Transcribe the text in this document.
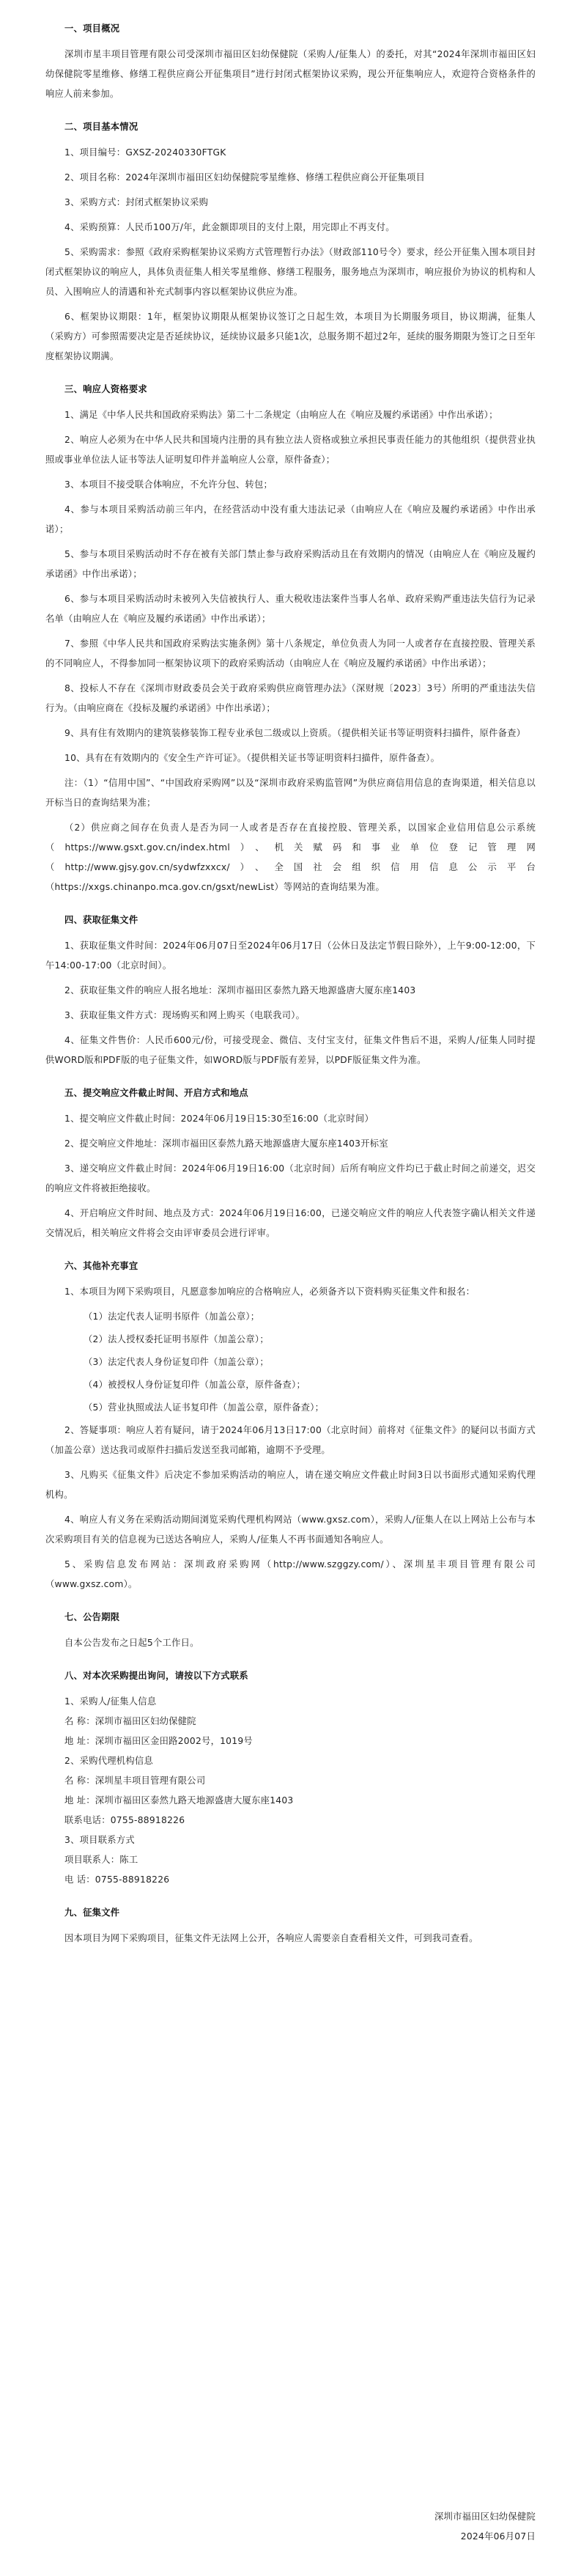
一、项目概况

深圳市星丰项目管理有限公司受深圳市福田区妇幼保健院（采购人/征集人）的委托，对其“2024年深圳市福田区妇幼保健院零星维修、修缮工程供应商公开征集项目”进行封闭式框架协议采购，现公开征集响应人，欢迎符合资格条件的响应人前来参加。

二、项目基本情况

1、项目编号：GXSZ-20240330FTGK

2、项目名称：2024年深圳市福田区妇幼保健院零星维修、修缮工程供应商公开征集项目

3、采购方式：封闭式框架协议采购

4、采购预算：人民币100万/年，此金额即项目的支付上限，用完即止不再支付。

5、采购需求：参照《政府采购框架协议采购方式管理暂行办法》（财政部110号令）要求，经公开征集入围本项目封闭式框架协议的响应人，具体负责征集人相关零星维修、修缮工程服务，服务地点为深圳市，响应报价为协议的机构和人员、入围响应人的清遇和补充式制事内容以框架协议供应为准。

6、框架协议期限：1年，框架协议期限从框架协议签订之日起生效，本项目为长期服务项目，协议期满，征集人（采购方）可参照需要决定是否延续协议，延续协议最多只能1次，总服务期不超过2年，延续的服务期限为签订之日至年度框架协议期满。

三、响应人资格要求

1、满足《中华人民共和国政府采购法》第二十二条规定（由响应人在《响应及履约承诺函》中作出承诺）；

2、响应人必须为在中华人民共和国境内注册的具有独立法人资格或独立承担民事责任能力的其他组织（提供营业执照或事业单位法人证书等法人证明复印件并盖响应人公章，原件备查）；

3、本项目不接受联合体响应，不允许分包、转包；

4、参与本项目采购活动前三年内，在经营活动中没有重大违法记录（由响应人在《响应及履约承诺函》中作出承诺）；

5、参与本项目采购活动时不存在被有关部门禁止参与政府采购活动且在有效期内的情况（由响应人在《响应及履约承诺函》中作出承诺）；

6、参与本项目采购活动时未被列入失信被执行人、重大税收违法案件当事人名单、政府采购严重违法失信行为记录名单（由响应人在《响应及履约承诺函》中作出承诺）；

7、参照《中华人民共和国政府采购法实施条例》第十八条规定，单位负责人为同一人或者存在直接控股、管理关系的不同响应人，不得参加同一框架协议项下的政府采购活动（由响应人在《响应及履约承诺函》中作出承诺）；

8、投标人不存在《深圳市财政委员会关于政府采购供应商管理办法》（深财规〔2023〕3号）所明的严重违法失信行为。（由响应商在《投标及履约承诺函》中作出承诺）；

9、具有住有效期内的建筑装修装饰工程专业承包二级或以上资质。（提供相关证书等证明资料扫描件，原件备查）

10、具有在有效期内的《安全生产许可证》。（提供相关证书等证明资料扫描件，原件备查）。

注：（1）“信用中国”、“中国政府采购网”以及“深圳市政府采购监管网”为供应商信用信息的查询渠道，相关信息以开标当日的查询结果为准；

（2）供应商之间存在负责人是否为同一人或者是否存在直接控股、管理关系，以国家企业信用信息公示系统（https://www.gsxt.gov.cn/index.html）、机关赋码和事业单位登记管理网（http://www.gjsy.gov.cn/sydwfzxxcx/）、全国社会组织信用信息公示平台（https://xxgs.chinanpo.mca.gov.cn/gsxt/newList）等网站的查询结果为准。

四、获取征集文件

1、获取征集文件时间：2024年06月07日至2024年06月17日（公休日及法定节假日除外），上午9:00-12:00，下午14:00-17:00（北京时间）。

2、获取征集文件的响应人报名地址：深圳市福田区泰然九路天地源盛唐大厦东座1403

3、获取征集文件方式：现场购买和网上购买（电联我司）。

4、征集文件售价：人民币600元/份，可接受现金、微信、支付宝支付，征集文件售后不退，采购人/征集人同时提供WORD版和PDF版的电子征集文件，如WORD版与PDF版有差异，以PDF版征集文件为准。

五、提交响应文件截止时间、开启方式和地点

1、提交响应文件截止时间：2024年06月19日15:30至16:00（北京时间）

2、提交响应文件地址：深圳市福田区泰然九路天地源盛唐大厦东座1403开标室

3、递交响应文件截止时间：2024年06月19日16:00（北京时间）后所有响应文件均已于截止时间之前递交，迟交的响应文件将被拒绝接收。

4、开启响应文件时间、地点及方式：2024年06月19日16:00，已递交响应文件的响应人代表签字确认相关文件递交情况后，相关响应文件将会交由评审委员会进行评审。

六、其他补充事宜

1、本项目为网下采购项目，凡愿意参加响应的合格响应人，必须备齐以下资料购买征集文件和报名：

（1）法定代表人证明书原件（加盖公章）；
（2）法人授权委托证明书原件（加盖公章）；
（3）法定代表人身份证复印件（加盖公章）；
（4）被授权人身份证复印件（加盖公章，原件备查）；
（5）营业执照或法人证书复印件（加盖公章，原件备查）；

2、答疑事项：响应人若有疑问，请于2024年06月13日17:00（北京时间）前将对《征集文件》的疑问以书面方式（加盖公章）送达我司或原件扫描后发送至我司邮箱，逾期不予受理。

3、凡购买《征集文件》后决定不参加采购活动的响应人，请在递交响应文件截止时间3日以书面形式通知采购代理机构。

4、响应人有义务在采购活动期间浏览采购代理机构网站（www.gxsz.com），采购人/征集人在以上网站上公布与本次采购项目有关的信息视为已送达各响应人，采购人/征集人不再书面通知各响应人。

5、采购信息发布网站：深圳政府采购网（http://www.szggzy.com/）、深圳星丰项目管理有限公司（www.gxsz.com）。

七、公告期限

自本公告发布之日起5个工作日。

八、对本次采购提出询问，请按以下方式联系
1、采购人/征集人信息
名 称：深圳市福田区妇幼保健院
地 址：深圳市福田区金田路2002号，1019号
2、采购代理机构信息
名 称：深圳星丰项目管理有限公司
地 址：深圳市福田区泰然九路天地源盛唐大厦东座1403
联系电话：0755-88918226
3、项目联系方式
项目联系人：陈工
电 话：0755-88918226
九、征集文件

因本项目为网下采购项目，征集文件无法网上公开，各响应人需要亲自查看相关文件，可到我司查看。

深圳市福田区妇幼保健院

2024年06月07日
